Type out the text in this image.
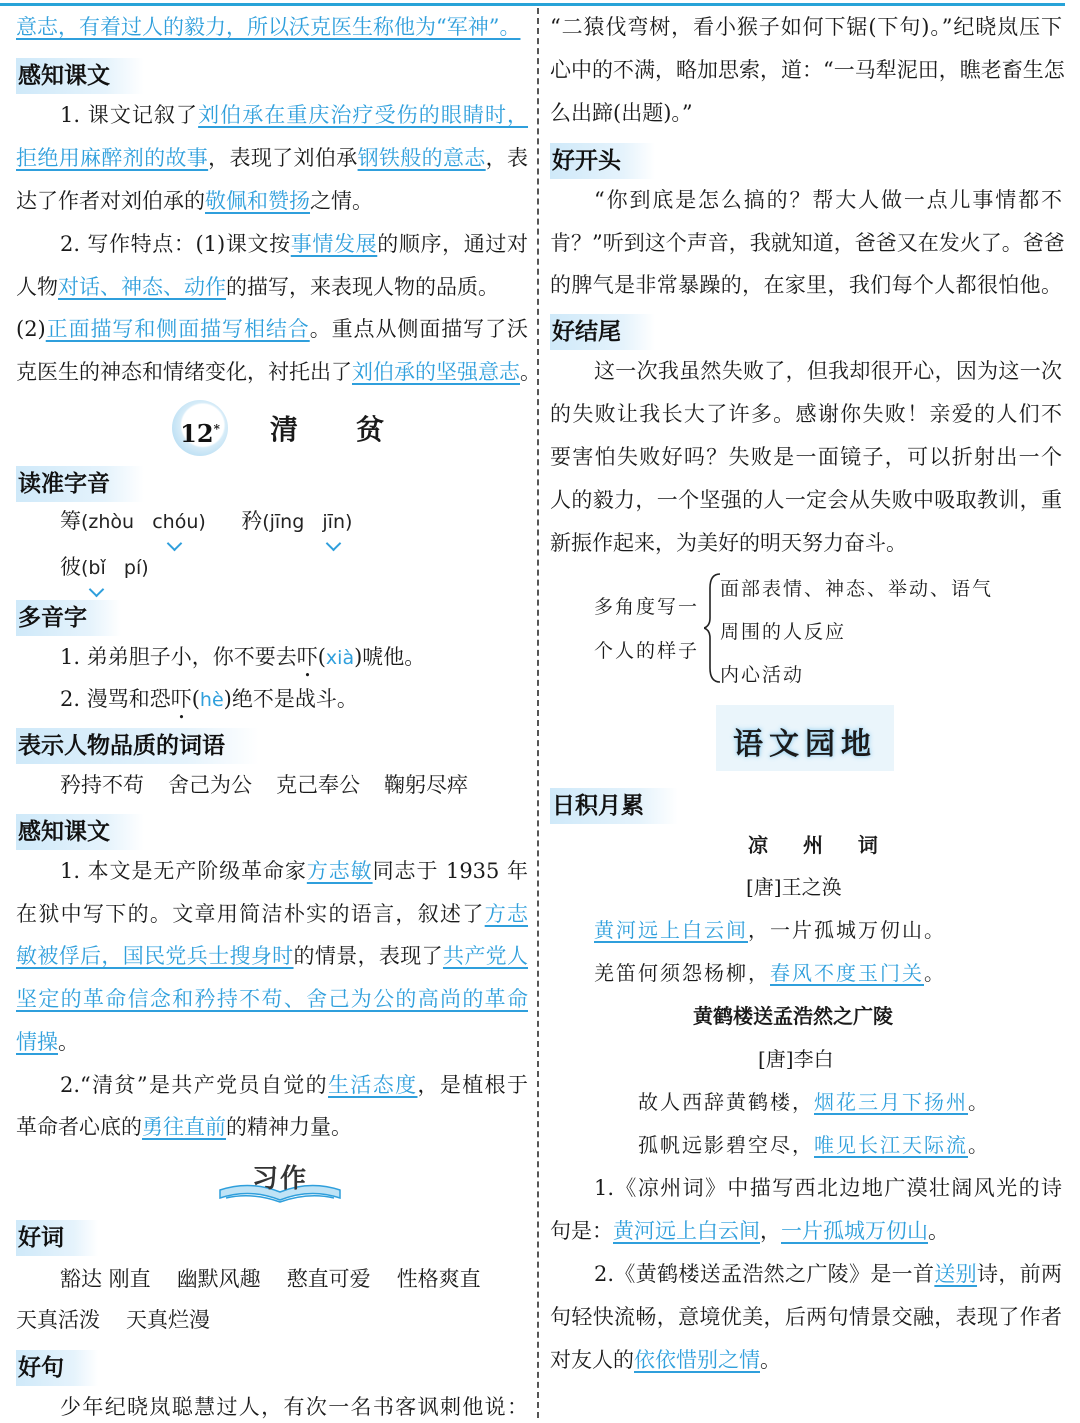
意志，有着过人的毅力，所以沃克医生称他为“军神”。
感知课文
1. 课文记叙了刘伯承在重庆治疗受伤的眼睛时，
拒绝用麻醉剂的故事，表现了刘伯承钢铁般的意志，表
达了作者对刘伯承的敬佩和赞扬之情。
2. 写作特点：(1)课文按事情发展的顺序，通过对
人物对话、神态、动作的描写，来表现人物的品质。
(2)正面描写和侧面描写相结合。重点从侧面描写了沃
克医生的神态和情绪变化，衬托出了刘伯承的坚强意志。
12* 清贫
读准字音
筹(zhòu chóu) 矜(jīng jīn)
彼(bǐ pí)
多音字
1. 弟弟胆子小，你不要去吓(xià)唬他。
2. 漫骂和恐吓(hè)绝不是战斗。
表示人物品质的词语
矜持不苟 舍己为公 克己奉公 鞠躬尽瘁
感知课文
1. 本文是无产阶级革命家方志敏同志于 1935 年
在狱中写下的。文章用简洁朴实的语言，叙述了方志
敏被俘后，国民党兵士搜身时的情景，表现了共产党人
坚定的革命信念和矜持不苟、舍己为公的高尚的革命
情操。
2.“清贫”是共产党员自觉的生活态度，是植根于
革命者心底的勇往直前的精神力量。
习作
好词
豁达 刚直 幽默风趣 憨直可爱 性格爽直
天真活泼 天真烂漫
好句
少年纪晓岚聪慧过人，有次一名书客讽刺他说：
“二猿伐弯树，看小猴子如何下锯(下句)。”纪晓岚压下
心中的不满，略加思索，道：“一马犁泥田，瞧老畜生怎
么出蹄(出题)。”
好开头
“你到底是怎么搞的？帮大人做一点儿事情都不
肯？”听到这个声音，我就知道，爸爸又在发火了。爸爸
的脾气是非常暴躁的，在家里，我们每个人都很怕他。
好结尾
这一次我虽然失败了，但我却很开心，因为这一次
的失败让我长大了许多。感谢你失败！亲爱的人们不
要害怕失败好吗？失败是一面镜子，可以折射出一个
人的毅力，一个坚强的人一定会从失败中吸取教训，重
新振作起来，为美好的明天努力奋斗。
多角度写一
个人的样子
面部表情、神态、举动、语气
周围的人反应
内心活动
语文园地
日积月累
凉 州 词
[唐]王之涣
黄河远上白云间，一片孤城万仞山。
羌笛何须怨杨柳，春风不度玉门关。
黄鹤楼送孟浩然之广陵
[唐]李白
故人西辞黄鹤楼，烟花三月下扬州。
孤帆远影碧空尽，唯见长江天际流。
1.《凉州词》中描写西北边地广漠壮阔风光的诗
句是：黄河远上白云间，一片孤城万仞山。
2.《黄鹤楼送孟浩然之广陵》是一首送别诗，前两
句轻快流畅，意境优美，后两句情景交融，表现了作者
对友人的依依惜别之情。
